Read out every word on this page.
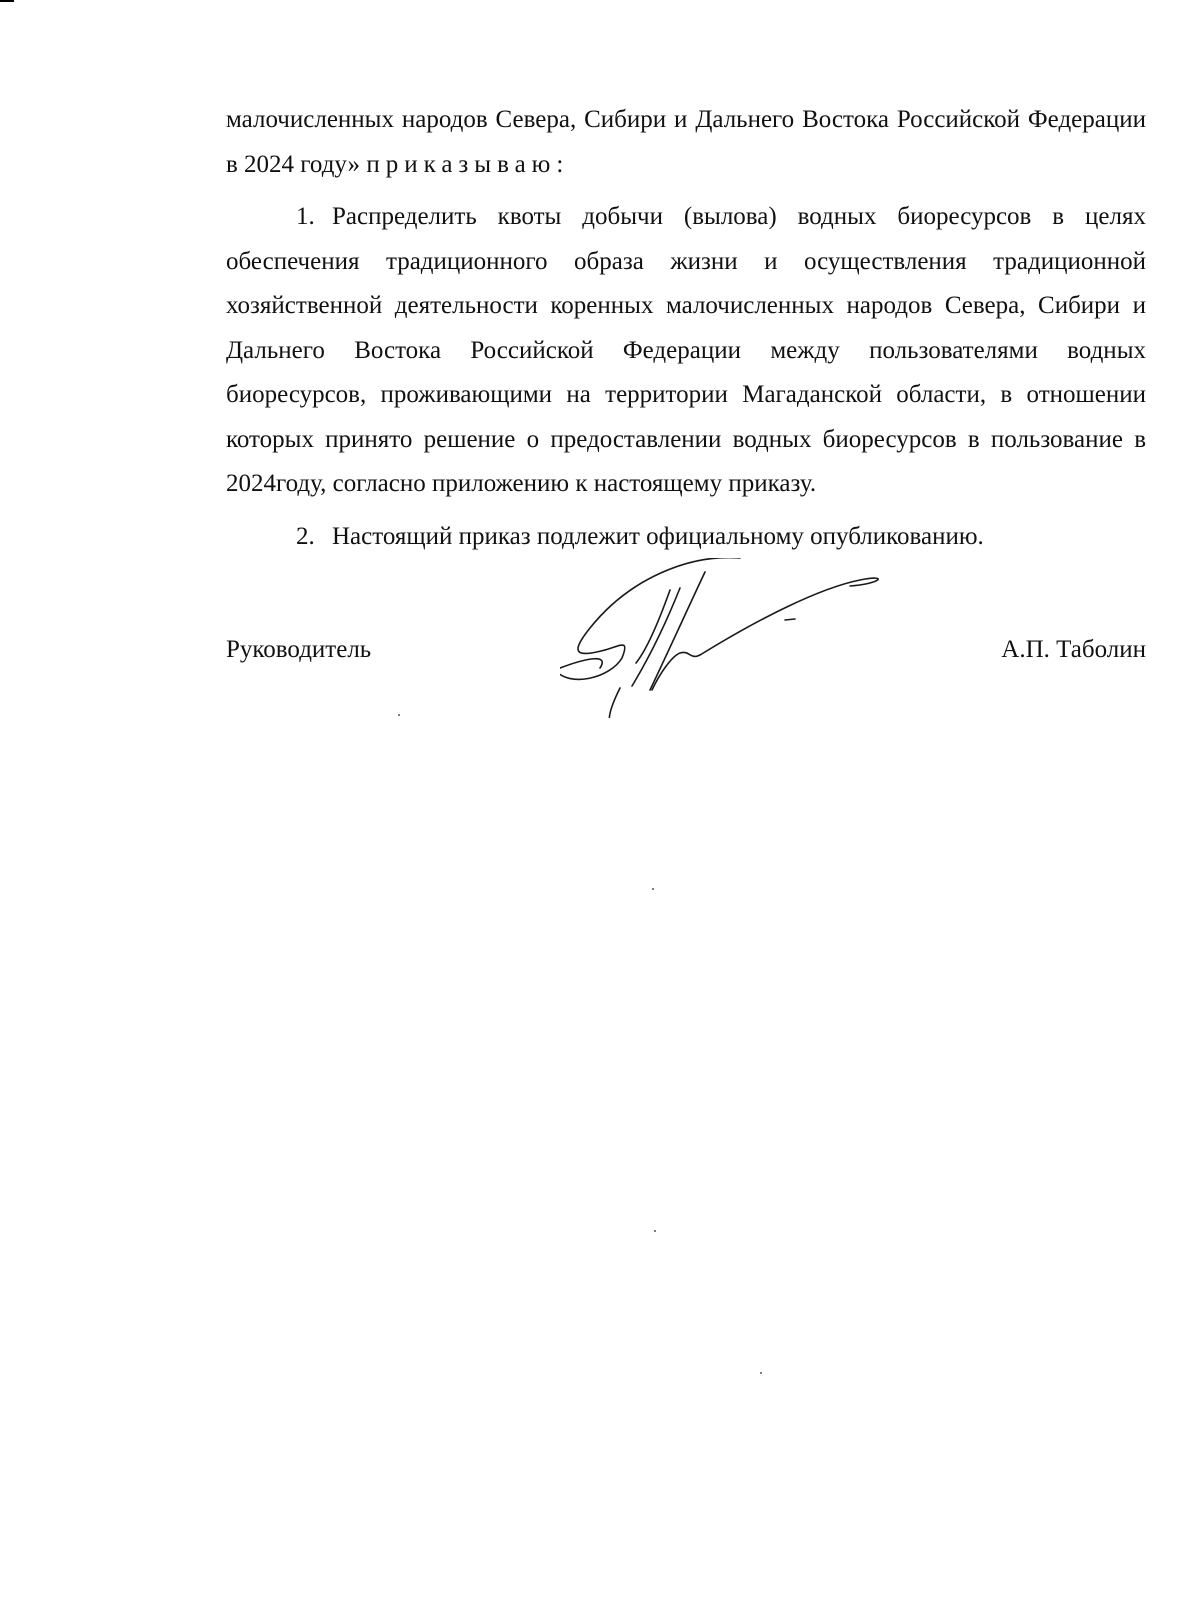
малочисленных народов Севера, Сибири и Дальнего Востока Российской Федерации в 2024 году» приказываю:

1. Распределить квоты добычи (вылова) водных биоресурсов в целях обеспечения традиционного образа жизни и осуществления традиционной хозяйственной деятельности коренных малочисленных народов Севера, Сибири и Дальнего Востока Российской Федерации между пользователями водных биоресурсов, проживающими на территории Магаданской области, в отношении которых принято решение о предоставлении водных биоресурсов в пользование в 2024году, согласно приложению к настоящему приказу.

2. Настоящий приказ подлежит официальному опубликованию.

Руководитель	А.П. Таболин
